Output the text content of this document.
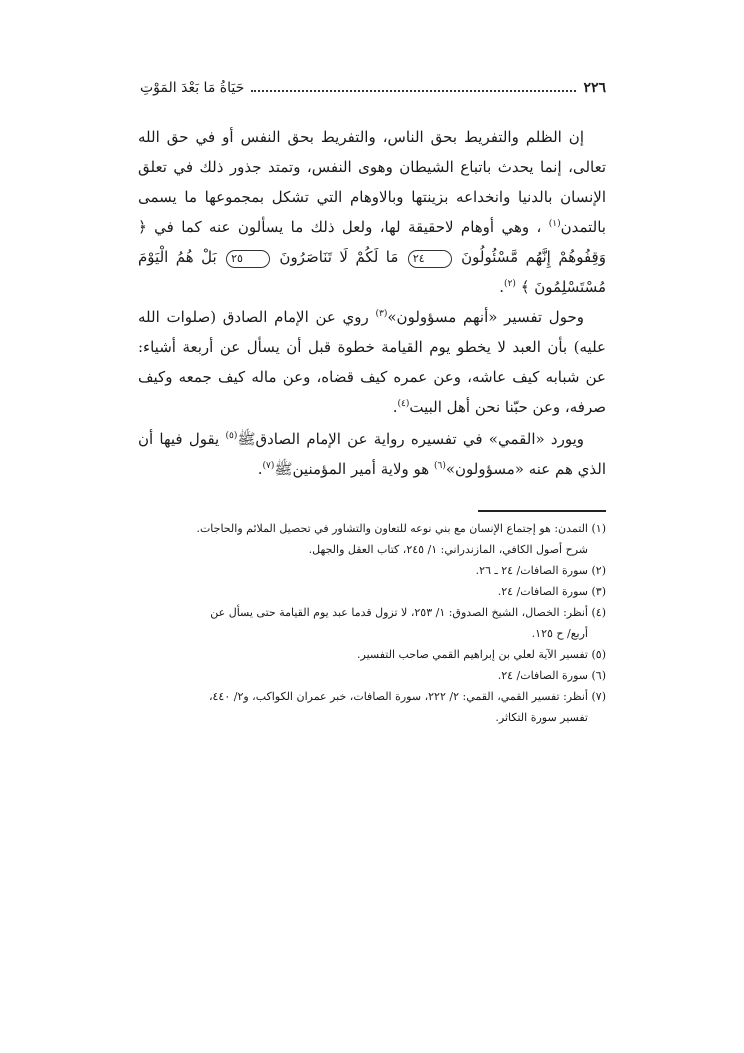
٢٢٦
حَيَاةُ مَا بَعْدَ المَوْتِ

إن الظلم والتفريط بحق الناس، والتفريط بحق النفس أو في حق الله تعالى، إنما يحدث باتباع الشيطان وهوى النفس، وتمتد جذور ذلك في تعلق الإنسان بالدنيا وانخداعه بزينتها وبالاوهام التي تشكل بمجموعها ما يسمى بالتمدن$^{(١)}$ ، وهي أوهام لاحقيقة لها، ولعل ذلك ما يسألون عنه كما في ﴿ وَقِفُوهُمْ إِنَّهُم مَّسْئُولُونَ ٢٤ مَا لَكُمْ لَا تَنَاصَرُونَ ٢٥ بَلْ هُمُ الْيَوْمَ مُسْتَسْلِمُونَ ﴾ $^{(٢)}$.

وحول تفسير «أنهم مسؤولون»$^{(٣)}$ روي عن الإمام الصادق (صلوات الله عليه) بأن العبد لا يخطو يوم القيامة خطوة قبل أن يسأل عن أربعة أشياء: عن شبابه كيف عاشه، وعن عمره كيف قضاه، وعن ماله كيف جمعه وكيف صرفه، وعن حبّنا نحن أهل البيت$^{(٤)}$.

ويورد «القمي» في تفسيره رواية عن الإمام الصادقﷺ$^{(٥)}$ يقول فيها أن الذي هم عنه «مسؤولون»$^{(٦)}$ هو ولاية أمير المؤمنينﷺ$^{(٧)}$.

(١) التمدن: هو إجتماع الإنسان مع بني نوعه للتعاون والتشاور في تحصيل الملائم والحاجات.

شرح أصول الكافي، المازندراني: ١/ ٢٤٥، كتاب العقل والجهل.

(٢) سورة الصافات/ ٢٤ ـ ٢٦.

(٣) سورة الصافات/ ٢٤.

(٤) أنظر: الخصال، الشيخ الصدوق: ١/ ٢٥٣، لا تزول قدما عبد يوم القيامة حتى يسأل عن

أربع/ ح ١٢٥.

(٥) تفسير الآية لعلي بن إبراهيم القمي صاحب التفسير.

(٦) سورة الصافات/ ٢٤.

(٧) أنظر: تفسير القمي، القمي: ٢/ ٢٢٢، سورة الصافات، خبر عمران الكواكب، و٢/ ٤٤٠،

تفسير سورة التكاثر.
